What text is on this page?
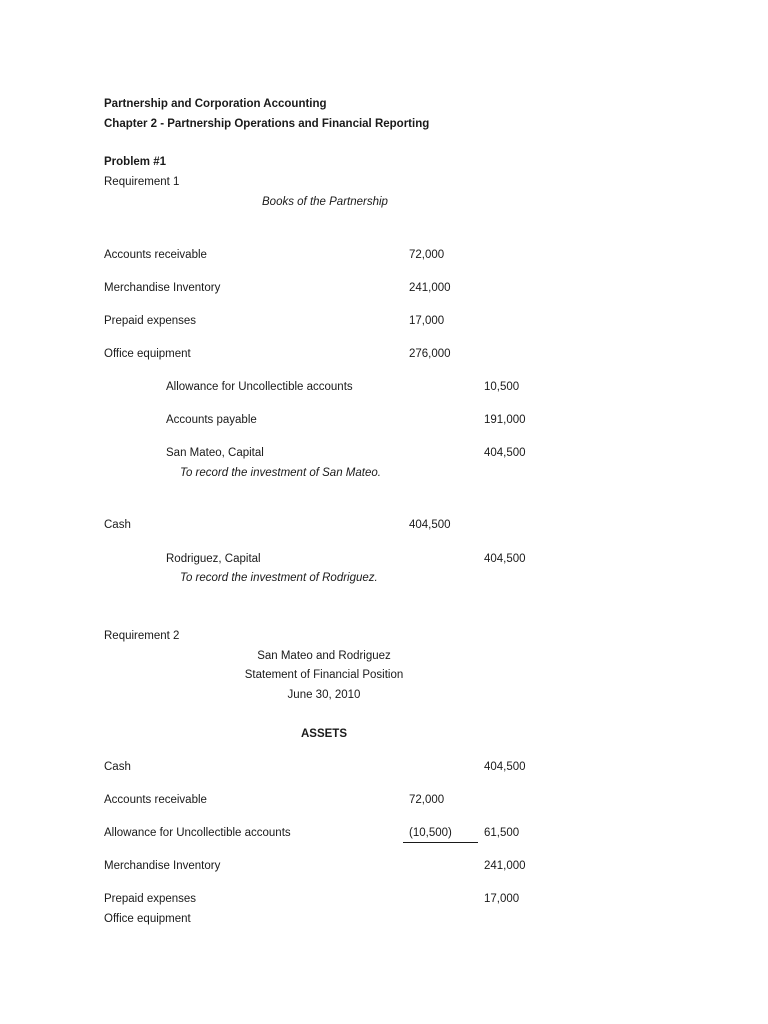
Partnership and Corporation Accounting
Chapter 2 - Partnership Operations and Financial Reporting
Problem #1
Requirement 1
Books of the Partnership
Accounts receivable	72,000
Merchandise Inventory	241,000
Prepaid expenses	17,000
Office equipment	276,000
Allowance for Uncollectible accounts	10,500
Accounts payable	191,000
San Mateo, Capital	404,500
To record the investment of San Mateo.
Cash	404,500
Rodriguez, Capital	404,500
To record the investment of Rodriguez.
Requirement 2
San Mateo and Rodriguez
Statement of Financial Position
June 30, 2010
ASSETS
Cash	404,500
Accounts receivable	72,000
Allowance for Uncollectible accounts	(10,500)	61,500
Merchandise Inventory	241,000
Prepaid expenses	17,000
Office equipment
